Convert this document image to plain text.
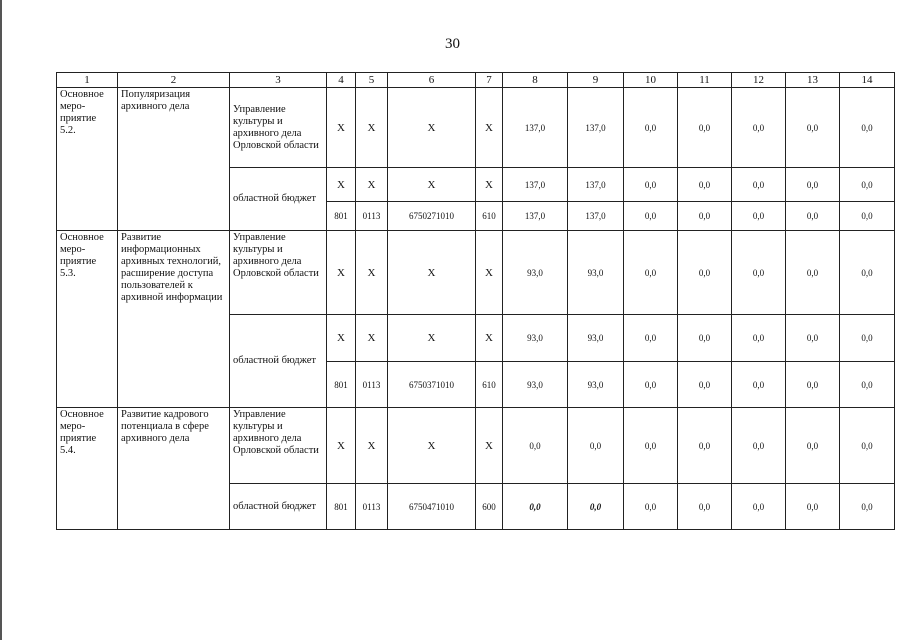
30
1	2	3	4	5	6	7	8	9	10	11	12	13	14
Основное меро-приятие 5.2.	Популяризация архивного дела	Управление культуры и архивного дела Орловской области	X	X	X	X	137,0	137,0	0,0	0,0	0,0	0,0	0,0
		областной бюджет	X	X	X	X	137,0	137,0	0,0	0,0	0,0	0,0	0,0
			801	0113	6750271010	610	137,0	137,0	0,0	0,0	0,0	0,0	0,0
Основное меро-приятие 5.3.	Развитие информационных архивных технологий, расширение доступа пользователей к архивной информации	Управление культуры и архивного дела Орловской области	X	X	X	X	93,0	93,0	0,0	0,0	0,0	0,0	0,0
		областной бюджет	X	X	X	X	93,0	93,0	0,0	0,0	0,0	0,0	0,0
			801	0113	6750371010	610	93,0	93,0	0,0	0,0	0,0	0,0	0,0
Основное меро-приятие 5.4.	Развитие кадрового потенциала в сфере архивного дела	Управление культуры и архивного дела Орловской области	X	X	X	X	0,0	0,0	0,0	0,0	0,0	0,0	0,0
		областной бюджет	801	0113	6750471010	600	0,0	0,0	0,0	0,0	0,0	0,0	0,0
